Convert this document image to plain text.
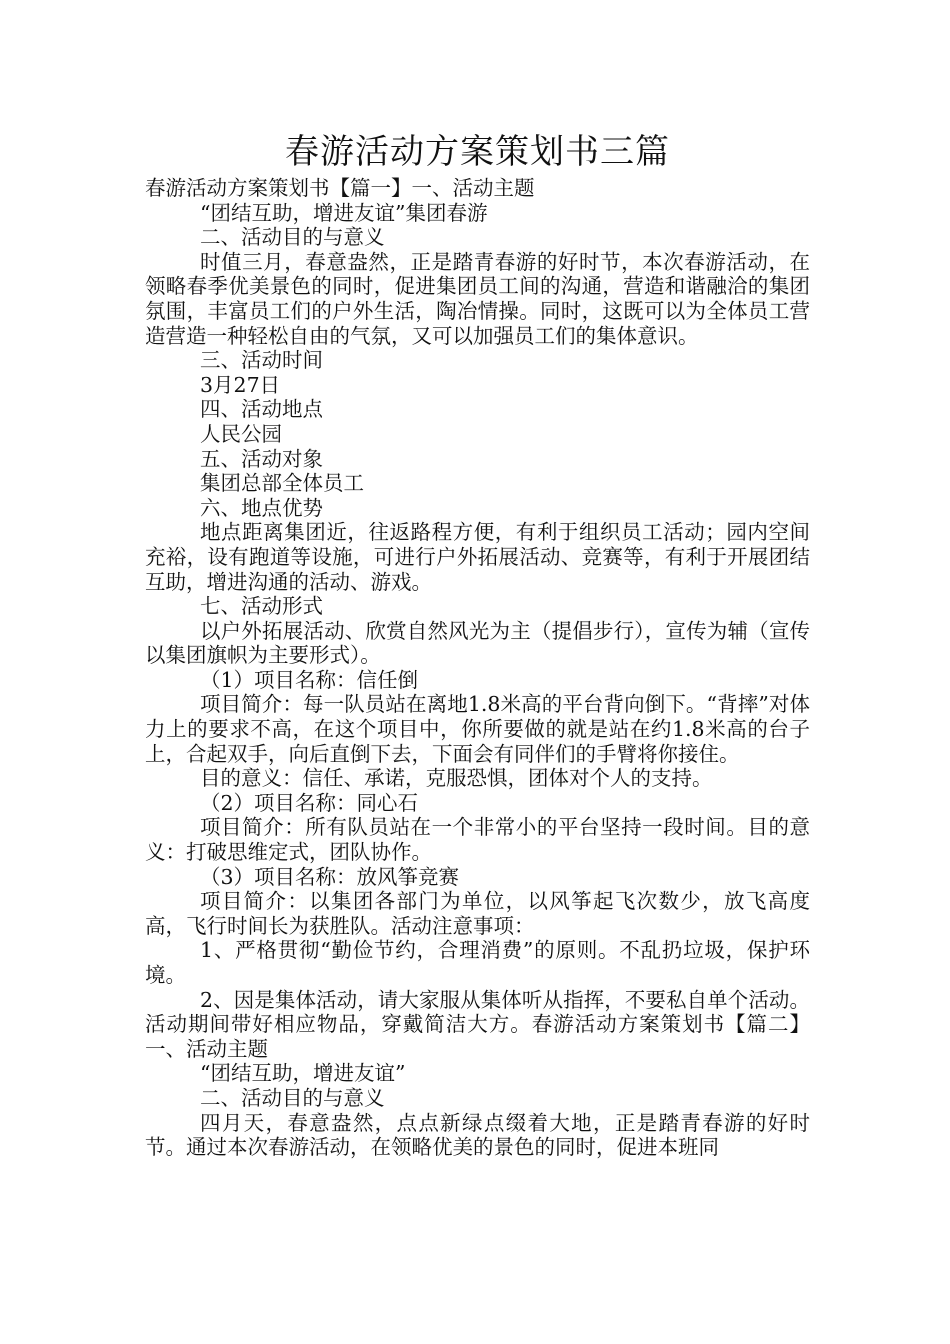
春游活动方案策划书三篇
春游活动方案策划书【篇一】一、活动主题
“团结互助，增进友谊”集团春游
二、活动目的与意义
时值三月，春意盎然，正是踏青春游的好时节，本次春游活动，在领略春季优美景色的同时，促进集团员工间的沟通，营造和谐融洽的集团氛围，丰富员工们的户外生活，陶冶情操。同时，这既可以为全体员工营造营造一种轻松自由的气氛，又可以加强员工们的集体意识。
三、活动时间
3月27日
四、活动地点
人民公园
五、活动对象
集团总部全体员工
六、地点优势
地点距离集团近，往返路程方便，有利于组织员工活动；园内空间充裕，设有跑道等设施，可进行户外拓展活动、竞赛等，有利于开展团结互助，增进沟通的活动、游戏。
七、活动形式
以户外拓展活动、欣赏自然风光为主（提倡步行），宣传为辅（宣传以集团旗帜为主要形式）。
（1）项目名称：信任倒
项目简介：每一队员站在离地1.8米高的平台背向倒下。“背摔”对体力上的要求不高，在这个项目中，你所要做的就是站在约1.8米高的台子上，合起双手，向后直倒下去，下面会有同伴们的手臂将你接住。
目的意义：信任、承诺，克服恐惧，团体对个人的支持。
（2）项目名称：同心石
项目简介：所有队员站在一个非常小的平台坚持一段时间。目的意义：打破思维定式，团队协作。
（3）项目名称：放风筝竞赛
项目简介：以集团各部门为单位，以风筝起飞次数少，放飞高度高，飞行时间长为获胜队。活动注意事项：
1、严格贯彻“勤俭节约，合理消费”的原则。不乱扔垃圾，保护环境。
2、因是集体活动，请大家服从集体听从指挥，不要私自单个活动。活动期间带好相应物品，穿戴简洁大方。春游活动方案策划书【篇二】一、活动主题
“团结互助，增进友谊”
二、活动目的与意义
四月天，春意盎然，点点新绿点缀着大地，正是踏青春游的好时节。通过本次春游活动，在领略优美的景色的同时，促进本班同
